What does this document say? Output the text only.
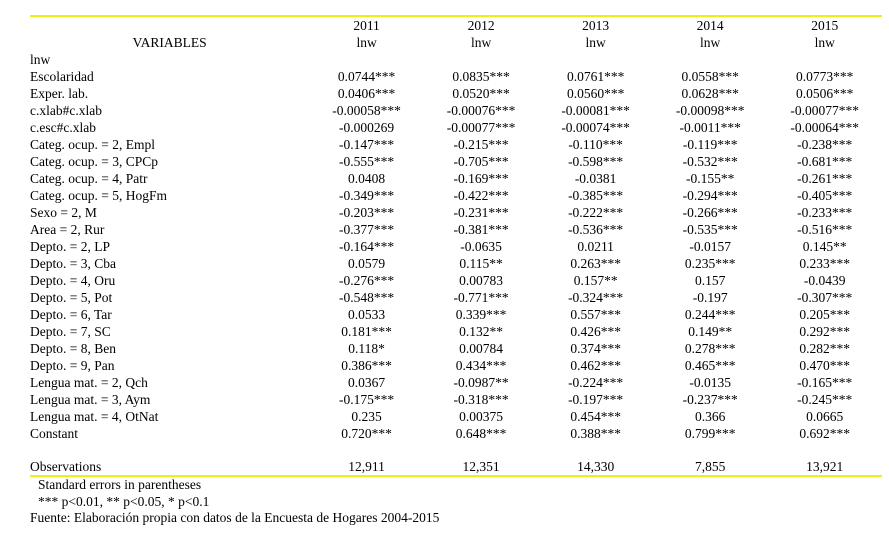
	2011	2012	2013	2014	2015
VARIABLES	lnw	lnw	lnw	lnw	lnw
lnw					
Escolaridad	0.0744***	0.0835***	0.0761***	0.0558***	0.0773***
Exper. lab.	0.0406***	0.0520***	0.0560***	0.0628***	0.0506***
c.xlab#c.xlab	-0.00058***	-0.00076***	-0.00081***	-0.00098***	-0.00077***
c.esc#c.xlab	-0.000269	-0.00077***	-0.00074***	-0.0011***	-0.00064***
Categ. ocup. = 2, Empl	-0.147***	-0.215***	-0.110***	-0.119***	-0.238***
Categ. ocup. = 3, CPCp	-0.555***	-0.705***	-0.598***	-0.532***	-0.681***
Categ. ocup. = 4, Patr	0.0408	-0.169***	-0.0381	-0.155**	-0.261***
Categ. ocup. = 5, HogFm	-0.349***	-0.422***	-0.385***	-0.294***	-0.405***
Sexo = 2, M	-0.203***	-0.231***	-0.222***	-0.266***	-0.233***
Area = 2, Rur	-0.377***	-0.381***	-0.536***	-0.535***	-0.516***
Depto. = 2, LP	-0.164***	-0.0635	0.0211	-0.0157	0.145**
Depto. = 3, Cba	0.0579	0.115**	0.263***	0.235***	0.233***
Depto. = 4, Oru	-0.276***	0.00783	0.157**	0.157	-0.0439
Depto. = 5, Pot	-0.548***	-0.771***	-0.324***	-0.197	-0.307***
Depto. = 6, Tar	0.0533	0.339***	0.557***	0.244***	0.205***
Depto. = 7, SC	0.181***	0.132**	0.426***	0.149**	0.292***
Depto. = 8, Ben	0.118*	0.00784	0.374***	0.278***	0.282***
Depto. = 9, Pan	0.386***	0.434***	0.462***	0.465***	0.470***
Lengua mat. = 2, Qch	0.0367	-0.0987**	-0.224***	-0.0135	-0.165***
Lengua mat. = 3, Aym	-0.175***	-0.318***	-0.197***	-0.237***	-0.245***
Lengua mat. = 4, OtNat	0.235	0.00375	0.454***	0.366	0.0665
Constant	0.720***	0.648***	0.388***	0.799***	0.692***

Observations	12,911	12,351	14,330	7,855	13,921
Standard errors in parentheses
*** p<0.01, ** p<0.05, * p<0.1
Fuente: Elaboración propia con datos de la Encuesta de Hogares 2004-2015
